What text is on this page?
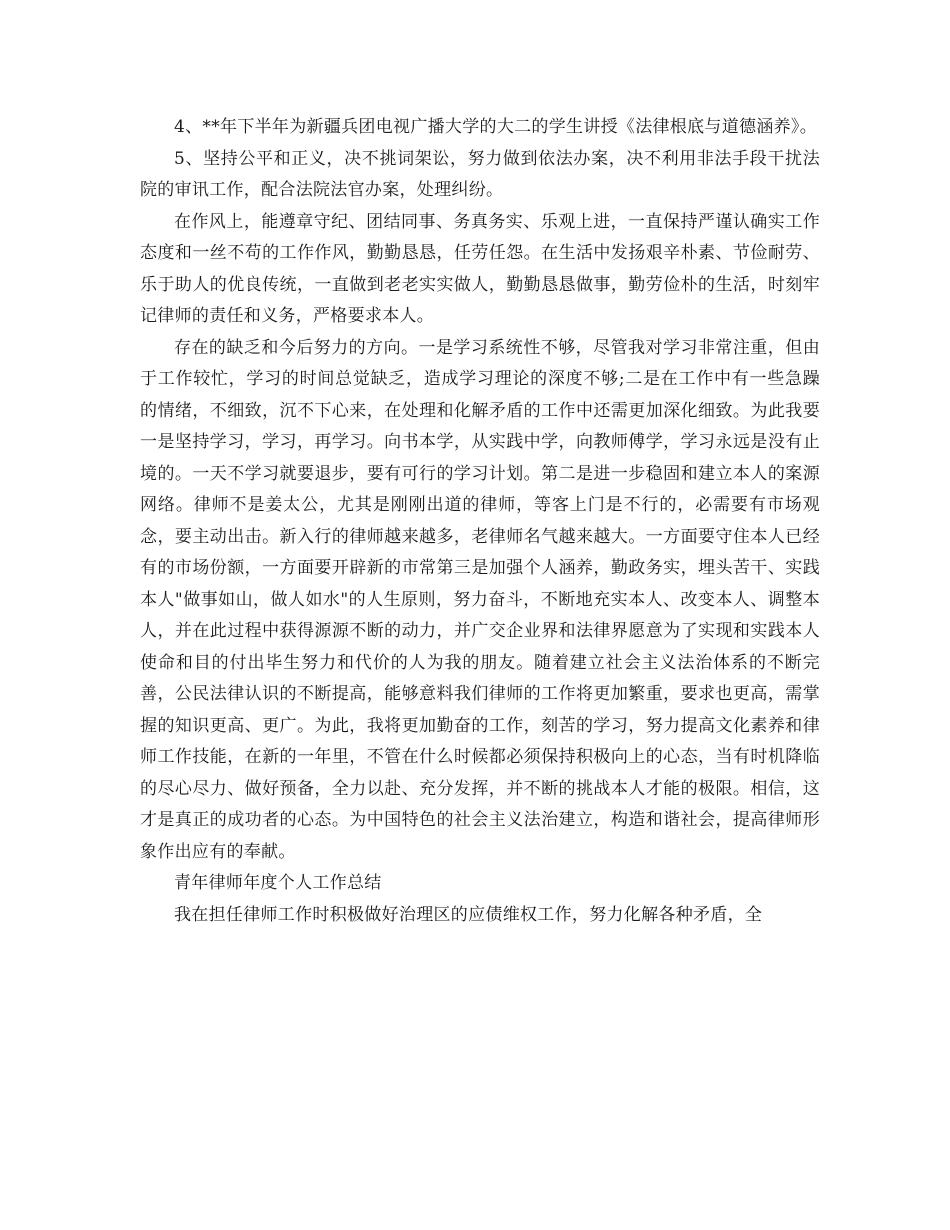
4、**年下半年为新疆兵团电视广播大学的大二的学生讲授《法律根底与道德涵养》。

5、坚持公平和正义，决不挑词架讼，努力做到依法办案，决不利用非法手段干扰法院的审讯工作，配合法院法官办案，处理纠纷。

在作风上，能遵章守纪、团结同事、务真务实、乐观上进，一直保持严谨认确实工作态度和一丝不苟的工作作风，勤勤恳恳，任劳任怨。在生活中发扬艰辛朴素、节俭耐劳、乐于助人的优良传统，一直做到老老实实做人，勤勤恳恳做事，勤劳俭朴的生活，时刻牢记律师的责任和义务，严格要求本人。

存在的缺乏和今后努力的方向。一是学习系统性不够，尽管我对学习非常注重，但由于工作较忙，学习的时间总觉缺乏，造成学习理论的深度不够;二是在工作中有一些急躁的情绪，不细致，沉不下心来，在处理和化解矛盾的工作中还需更加深化细致。为此我要一是坚持学习，学习，再学习。向书本学，从实践中学，向教师傅学，学习永远是没有止境的。一天不学习就要退步，要有可行的学习计划。第二是进一步稳固和建立本人的案源网络。律师不是姜太公，尤其是刚刚出道的律师，等客上门是不行的，必需要有市场观念，要主动出击。新入行的律师越来越多，老律师名气越来越大。一方面要守住本人已经有的市场份额，一方面要开辟新的市常第三是加强个人涵养，勤政务实，埋头苦干、实践本人"做事如山，做人如水"的人生原则，努力奋斗，不断地充实本人、改变本人、调整本人，并在此过程中获得源源不断的动力，并广交企业界和法律界愿意为了实现和实践本人使命和目的付出毕生努力和代价的人为我的朋友。随着建立社会主义法治体系的不断完善，公民法律认识的不断提高，能够意料我们律师的工作将更加繁重，要求也更高，需掌握的知识更高、更广。为此，我将更加勤奋的工作，刻苦的学习，努力提高文化素养和律师工作技能，在新的一年里，不管在什么时候都必须保持积极向上的心态，当有时机降临的尽心尽力、做好预备，全力以赴、充分发挥，并不断的挑战本人才能的极限。相信，这才是真正的成功者的心态。为中国特色的社会主义法治建立，构造和谐社会，提高律师形象作出应有的奉献。

青年律师年度个人工作总结

我在担任律师工作时积极做好治理区的应债维权工作，努力化解各种矛盾，全
